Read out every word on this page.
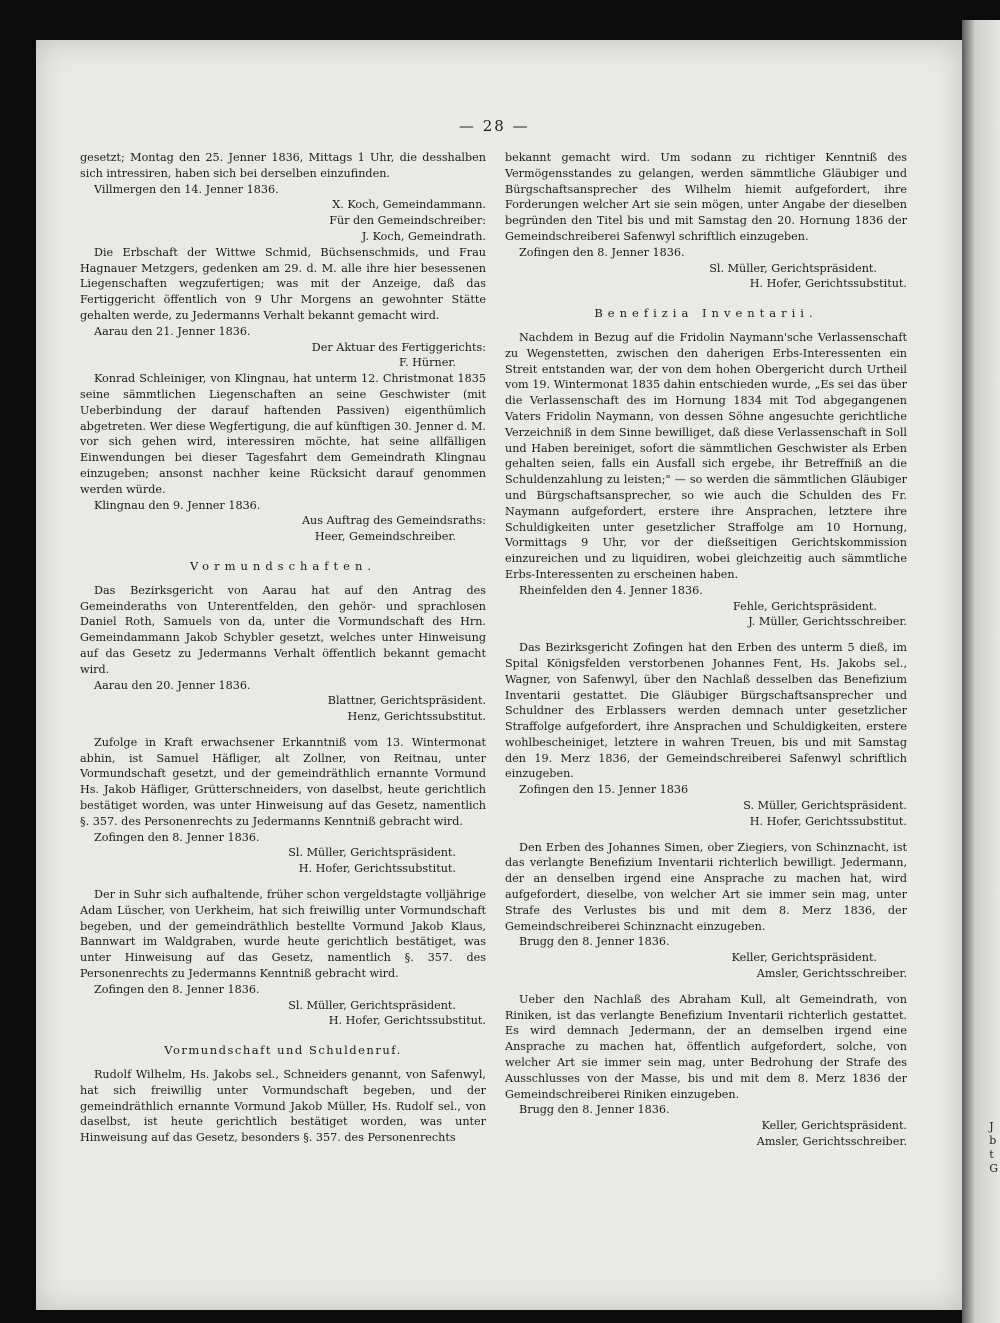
J
b
t
G
— 28 —

gesetzt; Montag den 25. Jenner 1836, Mittags 1 Uhr, die desshalben sich intressiren, haben sich bei derselben einzufinden.

Villmergen den 14. Jenner 1836.

X. Koch, Gemeindammann.

Für den Gemeindschreiber:

J. Koch, Gemeindrath.

Die Erbschaft der Wittwe Schmid, Büchsenschmids, und Frau Hagnauer Metzgers, gedenken am 29. d. M. alle ihre hier besessenen Liegenschaften wegzufertigen; was mit der Anzeige, daß das Fertiggericht öffentlich von 9 Uhr Morgens an gewohnter Stätte gehalten werde, zu Jedermanns Verhalt bekannt gemacht wird.

Aarau den 21. Jenner 1836.

Der Aktuar des Fertiggerichts:

F. Hürner.

Konrad Schleiniger, von Klingnau, hat unterm 12. Christmonat 1835 seine sämmtlichen Liegenschaften an seine Geschwister (mit Ueberbindung der darauf haftenden Passiven) eigenthümlich abgetreten. Wer diese Wegfertigung, die auf künftigen 30. Jenner d. M. vor sich gehen wird, interessiren möchte, hat seine allfälligen Einwendungen bei dieser Tagesfahrt dem Gemeindrath Klingnau einzugeben; ansonst nachher keine Rücksicht darauf genommen werden würde.

Klingnau den 9. Jenner 1836.

Aus Auftrag des Gemeindsraths:

Heer, Gemeindschreiber.

Vormundschaften.

Das Bezirksgericht von Aarau hat auf den Antrag des Gemeinderaths von Unterentfelden, den gehör- und sprachlosen Daniel Roth, Samuels von da, unter die Vormundschaft des Hrn. Gemeindammann Jakob Schybler gesetzt, welches unter Hinweisung auf das Gesetz zu Jedermanns Verhalt öffentlich bekannt gemacht wird.

Aarau den 20. Jenner 1836.

Blattner, Gerichtspräsident.

Henz, Gerichtssubstitut.

Zufolge in Kraft erwachsener Erkanntniß vom 13. Wintermonat abhin, ist Samuel Häfliger, alt Zollner, von Reitnau, unter Vormundschaft gesetzt, und der gemeindräthlich ernannte Vormund Hs. Jakob Häfliger, Grütterschneiders, von daselbst, heute gerichtlich bestätiget worden, was unter Hinweisung auf das Gesetz, namentlich §. 357. des Personenrechts zu Jedermanns Kenntniß gebracht wird.

Zofingen den 8. Jenner 1836.

Sl. Müller, Gerichtspräsident.

H. Hofer, Gerichtssubstitut.

Der in Suhr sich aufhaltende, früher schon vergeldstagte volljährige Adam Lüscher, von Uerkheim, hat sich freiwillig unter Vormundschaft begeben, und der gemeindräthlich bestellte Vormund Jakob Klaus, Bannwart im Waldgraben, wurde heute gerichtlich bestätiget, was unter Hinweisung auf das Gesetz, namentlich §. 357. des Personenrechts zu Jedermanns Kenntniß gebracht wird.

Zofingen den 8. Jenner 1836.

Sl. Müller, Gerichtspräsident.

H. Hofer, Gerichtssubstitut.

Vormundschaft und Schuldenruf.

Rudolf Wilhelm, Hs. Jakobs sel., Schneiders genannt, von Safenwyl, hat sich freiwillig unter Vormundschaft begeben, und der gemeindräthlich ernannte Vormund Jakob Müller, Hs. Rudolf sel., von daselbst, ist heute gerichtlich bestätiget worden, was unter Hinweisung auf das Gesetz, besonders §. 357. des Personenrechts

bekannt gemacht wird. Um sodann zu richtiger Kenntniß des Vermögensstandes zu gelangen, werden sämmtliche Gläubiger und Bürgschaftsansprecher des Wilhelm hiemit aufgefordert, ihre Forderungen welcher Art sie sein mögen, unter Angabe der dieselben begründen den Titel bis und mit Samstag den 20. Hornung 1836 der Gemeindschreiberei Safenwyl schriftlich einzugeben.

Zofingen den 8. Jenner 1836.

Sl. Müller, Gerichtspräsident.

H. Hofer, Gerichtssubstitut.

Benefizia Inventarii.

Nachdem in Bezug auf die Fridolin Naymann'sche Verlassenschaft zu Wegenstetten, zwischen den daherigen Erbs-Interessenten ein Streit entstanden war, der von dem hohen Obergericht durch Urtheil vom 19. Wintermonat 1835 dahin entschieden wurde, „Es sei das über die Verlassenschaft des im Hornung 1834 mit Tod abgegangenen Vaters Fridolin Naymann, von dessen Söhne angesuchte gerichtliche Verzeichniß in dem Sinne bewilliget, daß diese Verlassenschaft in Soll und Haben bereiniget, sofort die sämmtlichen Geschwister als Erben gehalten seien, falls ein Ausfall sich ergebe, ihr Betreffniß an die Schuldenzahlung zu leisten;" — so werden die sämmtlichen Gläubiger und Bürgschaftsansprecher, so wie auch die Schulden des Fr. Naymann aufgefordert, erstere ihre Ansprachen, letztere ihre Schuldigkeiten unter gesetzlicher Straffolge am 10 Hornung, Vormittags 9 Uhr, vor der dießseitigen Gerichtskommission einzureichen und zu liquidiren, wobei gleichzeitig auch sämmtliche Erbs-Interessenten zu erscheinen haben.

Rheinfelden den 4. Jenner 1836.

Fehle, Gerichtspräsident.

J. Müller, Gerichtsschreiber.

Das Bezirksgericht Zofingen hat den Erben des unterm 5 dieß, im Spital Königsfelden verstorbenen Johannes Fent, Hs. Jakobs sel., Wagner, von Safenwyl, über den Nachlaß desselben das Benefizium Inventarii gestattet. Die Gläubiger Bürgschaftsansprecher und Schuldner des Erblassers werden demnach unter gesetzlicher Straffolge aufgefordert, ihre Ansprachen und Schuldigkeiten, erstere wohlbescheiniget, letztere in wahren Treuen, bis und mit Samstag den 19. Merz 1836, der Gemeindschreiberei Safenwyl schriftlich einzugeben.

Zofingen den 15. Jenner 1836

S. Müller, Gerichtspräsident.

H. Hofer, Gerichtssubstitut.

Den Erben des Johannes Simen, ober Ziegiers, von Schinznacht, ist das verlangte Benefizium Inventarii richterlich bewilligt. Jedermann, der an denselben irgend eine Ansprache zu machen hat, wird aufgefordert, dieselbe, von welcher Art sie immer sein mag, unter Strafe des Verlustes bis und mit dem 8. Merz 1836, der Gemeindschreiberei Schinznacht einzugeben.

Brugg den 8. Jenner 1836.

Keller, Gerichtspräsident.

Amsler, Gerichtsschreiber.

Ueber den Nachlaß des Abraham Kull, alt Gemeindrath, von Riniken, ist das verlangte Benefizium Inventarii richterlich gestattet. Es wird demnach Jedermann, der an demselben irgend eine Ansprache zu machen hat, öffentlich aufgefordert, solche, von welcher Art sie immer sein mag, unter Bedrohung der Strafe des Ausschlusses von der Masse, bis und mit dem 8. Merz 1836 der Gemeindschreiberei Riniken einzugeben.

Brugg den 8. Jenner 1836.

Keller, Gerichtspräsident.

Amsler, Gerichtsschreiber.
